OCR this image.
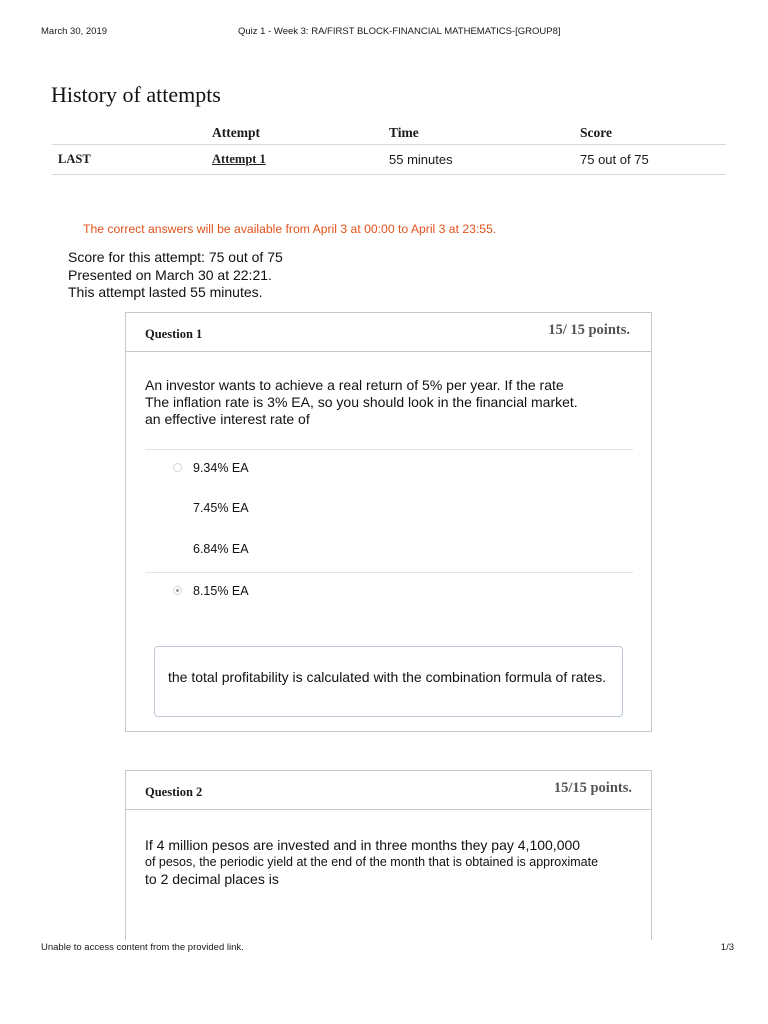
March 30, 2019	Quiz 1 - Week 3: RA/FIRST BLOCK-FINANCIAL MATHEMATICS-[GROUP8]
History of attempts
	Attempt	Time	Score
LAST	Attempt 1	55 minutes	75 out of 75
The correct answers will be available from April 3 at 00:00 to April 3 at 23:55.
Score for this attempt: 75 out of 75
Presented on March 30 at 22:21.
This attempt lasted 55 minutes.
Question 1	15/ 15 points.
An investor wants to achieve a real return of 5% per year. If the rate
The inflation rate is 3% EA, so you should look in the financial market.
an effective interest rate of
9.34% EA
7.45% EA
6.84% EA
8.15% EA
the total profitability is calculated with the combination formula of rates.
Question 2	15/15 points.
If 4 million pesos are invested and in three months they pay 4,100,000
of pesos, the periodic yield at the end of the month that is obtained is approximate
to 2 decimal places is
Unable to access content from the provided link.	1/3
